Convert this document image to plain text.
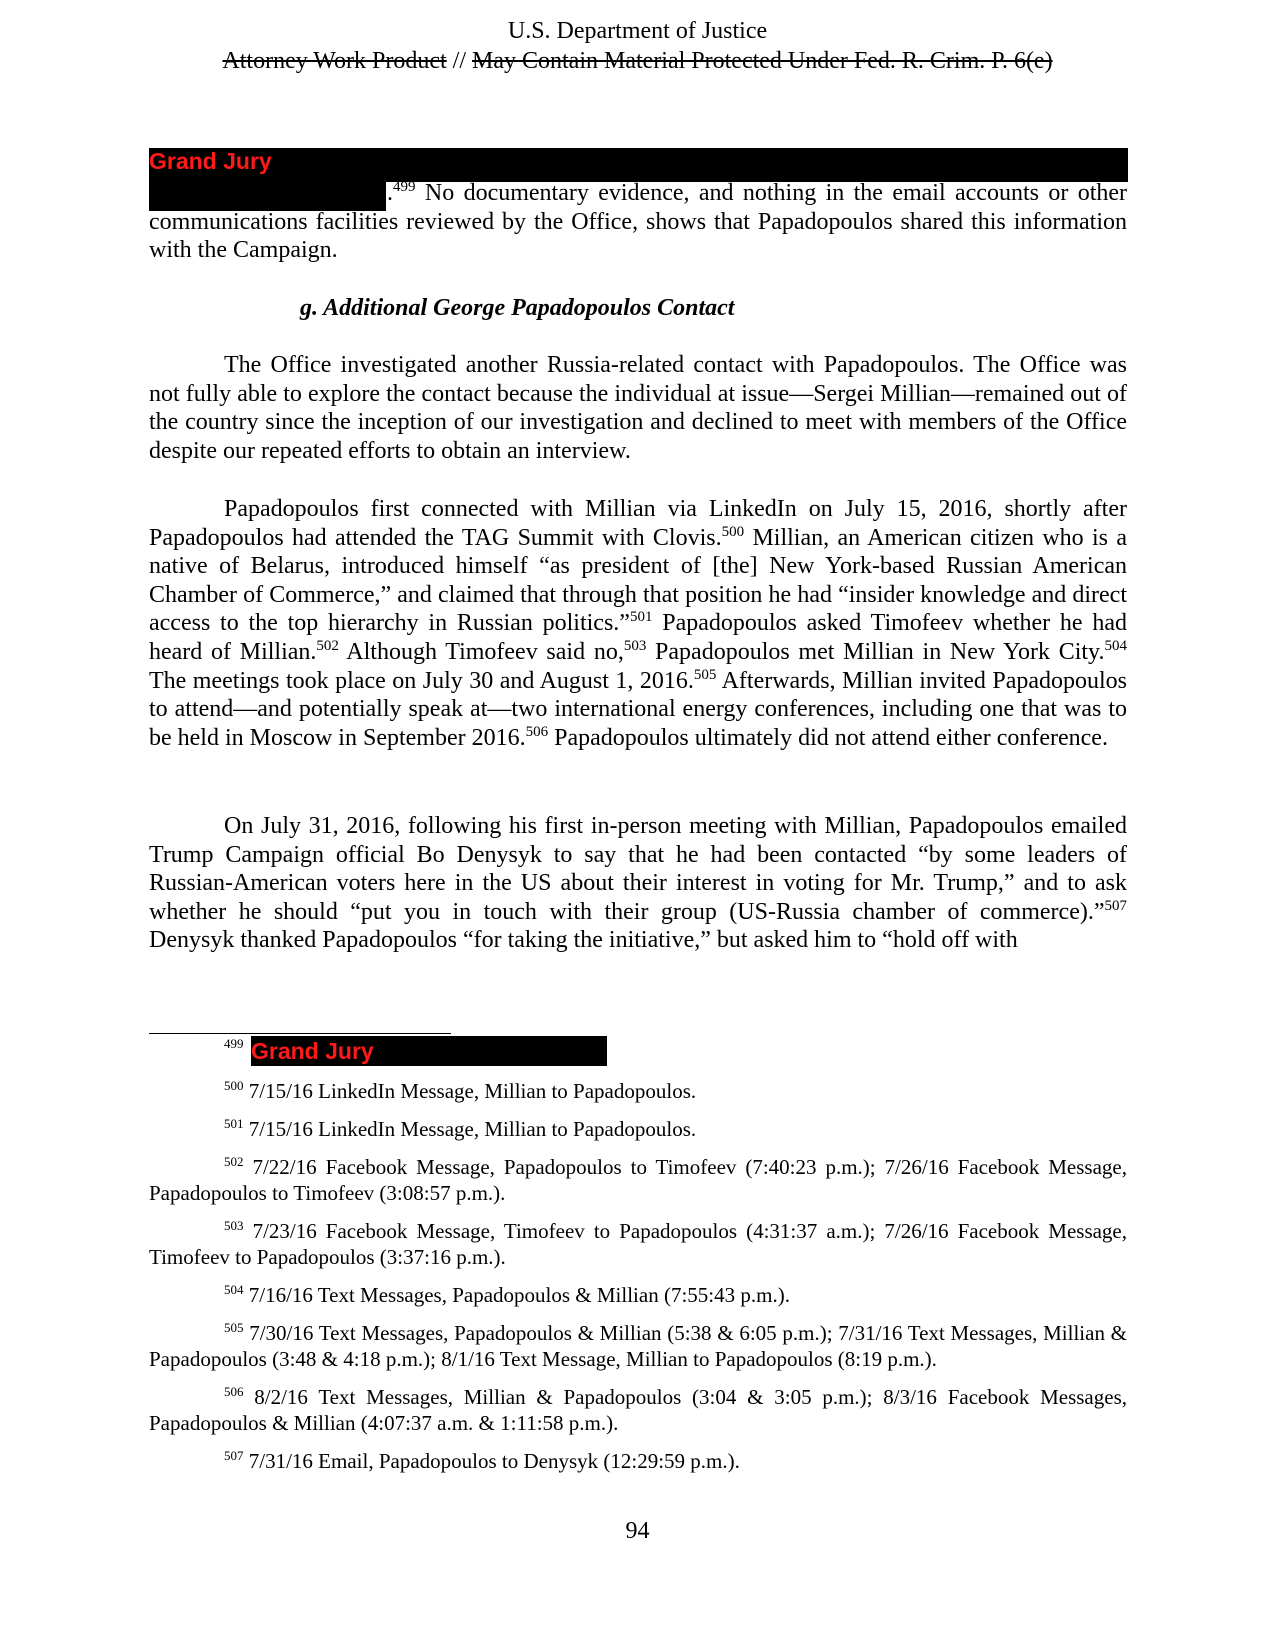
U.S. Department of Justice
Attorney Work Product // May Contain Material Protected Under Fed. R. Crim. P. 6(e)
Grand Jury
.$^{499}$ No documentary evidence, and nothing in the email accounts or other communications facilities reviewed by the Office, shows that Papadopoulos shared this information with the Campaign.
g. Additional George Papadopoulos Contact
The Office investigated another Russia-related contact with Papadopoulos. The Office was not fully able to explore the contact because the individual at issue—Sergei Millian—remained out of the country since the inception of our investigation and declined to meet with members of the Office despite our repeated efforts to obtain an interview.
Papadopoulos first connected with Millian via LinkedIn on July 15, 2016, shortly after Papadopoulos had attended the TAG Summit with Clovis.$^{500}$ Millian, an American citizen who is a native of Belarus, introduced himself “as president of [the] New York-based Russian American Chamber of Commerce,” and claimed that through that position he had “insider knowledge and direct access to the top hierarchy in Russian politics.”$^{501}$ Papadopoulos asked Timofeev whether he had heard of Millian.$^{502}$ Although Timofeev said no,$^{503}$ Papadopoulos met Millian in New York City.$^{504}$ The meetings took place on July 30 and August 1, 2016.$^{505}$ Afterwards, Millian invited Papadopoulos to attend—and potentially speak at—two international energy conferences, including one that was to be held in Moscow in September 2016.$^{506}$ Papadopoulos ultimately did not attend either conference.
On July 31, 2016, following his first in-person meeting with Millian, Papadopoulos emailed Trump Campaign official Bo Denysyk to say that he had been contacted “by some leaders of Russian-American voters here in the US about their interest in voting for Mr. Trump,” and to ask whether he should “put you in touch with their group (US-Russia chamber of commerce).”$^{507}$ Denysyk thanked Papadopoulos “for taking the initiative,” but asked him to “hold off with
$^{499}$ Grand Jury
$^{500}$ 7/15/16 LinkedIn Message, Millian to Papadopoulos.
$^{501}$ 7/15/16 LinkedIn Message, Millian to Papadopoulos.
$^{502}$ 7/22/16 Facebook Message, Papadopoulos to Timofeev (7:40:23 p.m.); 7/26/16 Facebook Message, Papadopoulos to Timofeev (3:08:57 p.m.).
$^{503}$ 7/23/16 Facebook Message, Timofeev to Papadopoulos (4:31:37 a.m.); 7/26/16 Facebook Message, Timofeev to Papadopoulos (3:37:16 p.m.).
$^{504}$ 7/16/16 Text Messages, Papadopoulos & Millian (7:55:43 p.m.).
$^{505}$ 7/30/16 Text Messages, Papadopoulos & Millian (5:38 & 6:05 p.m.); 7/31/16 Text Messages, Millian & Papadopoulos (3:48 & 4:18 p.m.); 8/1/16 Text Message, Millian to Papadopoulos (8:19 p.m.).
$^{506}$ 8/2/16 Text Messages, Millian & Papadopoulos (3:04 & 3:05 p.m.); 8/3/16 Facebook Messages, Papadopoulos & Millian (4:07:37 a.m. & 1:11:58 p.m.).
$^{507}$ 7/31/16 Email, Papadopoulos to Denysyk (12:29:59 p.m.).
94
